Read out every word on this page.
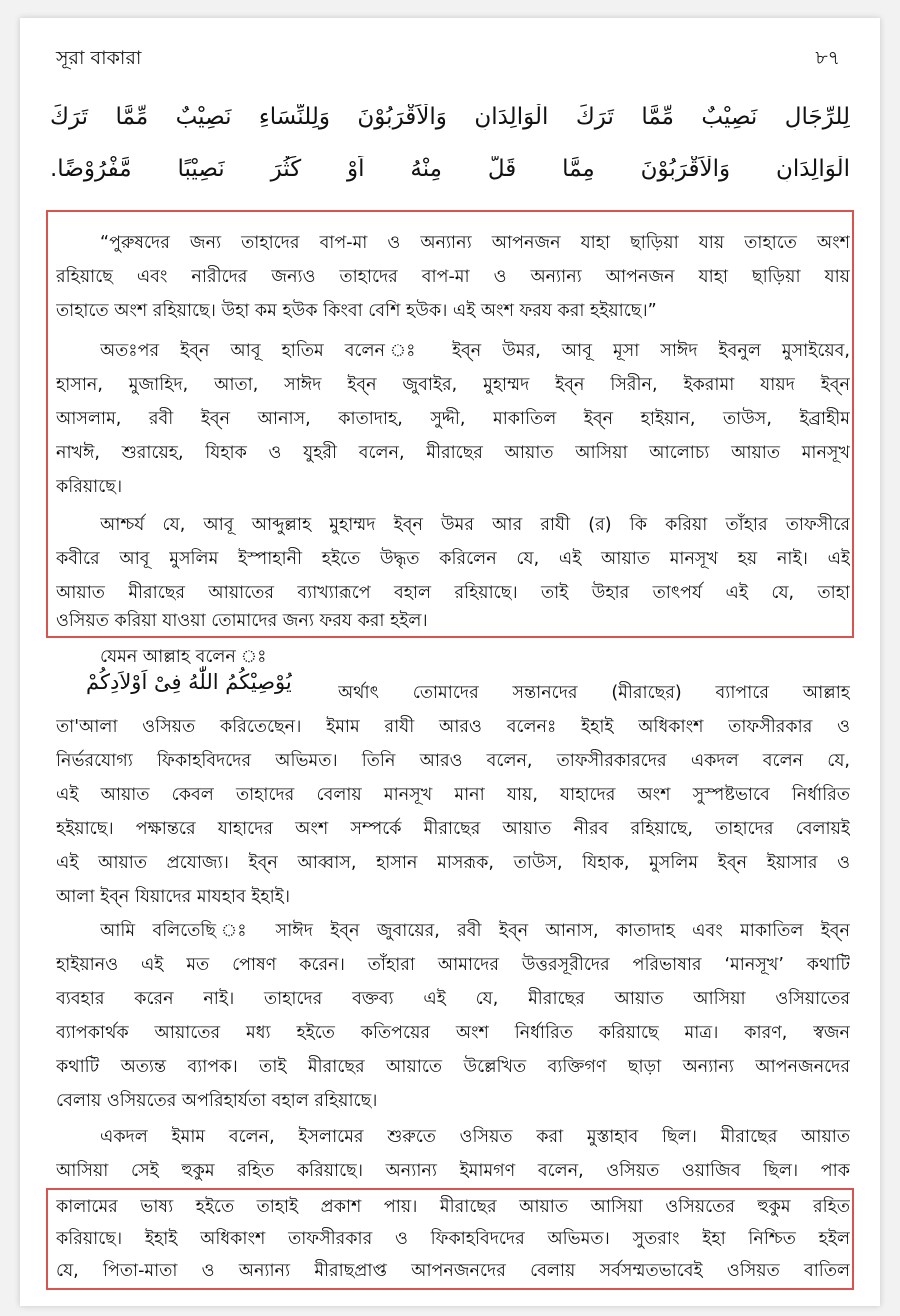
সূরা বাকারা	৮৭
لِلرِّجَالِ نَصِيْبٌ مِّمَّا تَرَكَ الْوَالِدَانِ وَالْاَقْرَبُوْنَ وَلِلنِّسَاءِ نَصِيْبٌ مِّمَّا تَرَكَ
الْوَالِدَانِ وَالْاَقْرَبُوْنَ مِمَّا قَلَّ مِنْهُ اَوْ كَثُرَ نَصِيْبًا مَّفْرُوْضًا.
“পুরুষদের জন্য তাহাদের বাপ-মা ও অন্যান্য আপনজন যাহা ছাড়িয়া যায় তাহাতে অংশ
রহিয়াছে এবং নারীদের জন্যও তাহাদের বাপ-মা ও অন্যান্য আপনজন যাহা ছাড়িয়া যায়
তাহাতে অংশ রহিয়াছে। উহা কম হউক কিংবা বেশি হউক। এই অংশ ফরয করা হইয়াছে।”
অতঃপর ইব্ন আবূ হাতিম বলেন ঃ ইব্ন উমর, আবূ মূসা সাঈদ ইবনুল মুসাইয়েব,
হাসান, মুজাহিদ, আতা, সাঈদ ইব্ন জুবাইর, মুহাম্মদ ইব্ন সিরীন, ইকরামা যায়দ ইব্ন
আসলাম, রবী ইব্ন আনাস, কাতাদাহ, সুদ্দী, মাকাতিল ইব্ন হাইয়ান, তাউস, ইব্রাহীম
নাখঈ, শুরায়েহ, যিহাক ও যুহরী বলেন, মীরাছের আয়াত আসিয়া আলোচ্য আয়াত মানসূখ
করিয়াছে।
আশ্চর্য যে, আবূ আব্দুল্লাহ মুহাম্মদ ইব্ন উমর আর রাযী (র) কি করিয়া তাঁহার তাফসীরে
কবীরে আবূ মুসলিম ইস্পাহানী হইতে উদ্ধৃত করিলেন যে, এই আয়াত মানসূখ হয় নাই। এই
আয়াত মীরাছের আয়াতের ব্যাখ্যারূপে বহাল রহিয়াছে। তাই উহার তাৎপর্য এই যে, তাহা
ওসিয়ত করিয়া যাওয়া তোমাদের জন্য ফরয করা হইল।
যেমন আল্লাহ বলেন ঃ
يُوْصِيْكُمُ اللّٰهُ فِىْ اَوْلاَدِكُمْ	অর্থাৎ তোমাদের সন্তানদের (মীরাছের) ব্যাপারে আল্লাহ
তা'আলা ওসিয়ত করিতেছেন। ইমাম রাযী আরও বলেনঃ ইহাই অধিকাংশ তাফসীরকার ও
নির্ভরযোগ্য ফিকাহবিদদের অভিমত। তিনি আরও বলেন, তাফসীরকারদের একদল বলেন যে,
এই আয়াত কেবল তাহাদের বেলায় মানসূখ মানা যায়, যাহাদের অংশ সুস্পষ্টভাবে নির্ধারিত
হইয়াছে। পক্ষান্তরে যাহাদের অংশ সম্পর্কে মীরাছের আয়াত নীরব রহিয়াছে, তাহাদের বেলায়ই
এই আয়াত প্রযোজ্য। ইব্ন আব্বাস, হাসান মাসরূক, তাউস, যিহাক, মুসলিম ইব্ন ইয়াসার ও
আলা ইব্ন যিয়াদের মাযহাব ইহাই।
আমি বলিতেছি ঃ সাঈদ ইব্ন জুবায়ের, রবী ইব্ন আনাস, কাতাদাহ এবং মাকাতিল ইব্ন
হাইয়ানও এই মত পোষণ করেন। তাঁহারা আমাদের উত্তরসূরীদের পরিভাষার ‘মানসূখ’ কথাটি
ব্যবহার করেন নাই। তাহাদের বক্তব্য এই যে, মীরাছের আয়াত আসিয়া ওসিয়াতের
ব্যাপকার্থক আয়াতের মধ্য হইতে কতিপয়ের অংশ নির্ধারিত করিয়াছে মাত্র। কারণ, স্বজন
কথাটি অত্যন্ত ব্যাপক। তাই মীরাছের আয়াতে উল্লেখিত ব্যক্তিগণ ছাড়া অন্যান্য আপনজনদের
বেলায় ওসিয়তের অপরিহার্যতা বহাল রহিয়াছে।
একদল ইমাম বলেন, ইসলামের শুরুতে ওসিয়ত করা মুস্তাহাব ছিল। মীরাছের আয়াত
আসিয়া সেই হুকুম রহিত করিয়াছে। অন্যান্য ইমামগণ বলেন, ওসিয়ত ওয়াজিব ছিল। পাক
কালামের ভাষ্য হইতে তাহাই প্রকাশ পায়। মীরাছের আয়াত আসিয়া ওসিয়তের হুকুম রহিত
করিয়াছে। ইহাই অধিকাংশ তাফসীরকার ও ফিকাহবিদদের অভিমত। সুতরাং ইহা নিশ্চিত হইল
যে, পিতা-মাতা ও অন্যান্য মীরাছপ্রাপ্ত আপনজনদের বেলায় সর্বসম্মতভাবেই ওসিয়ত বাতিল
